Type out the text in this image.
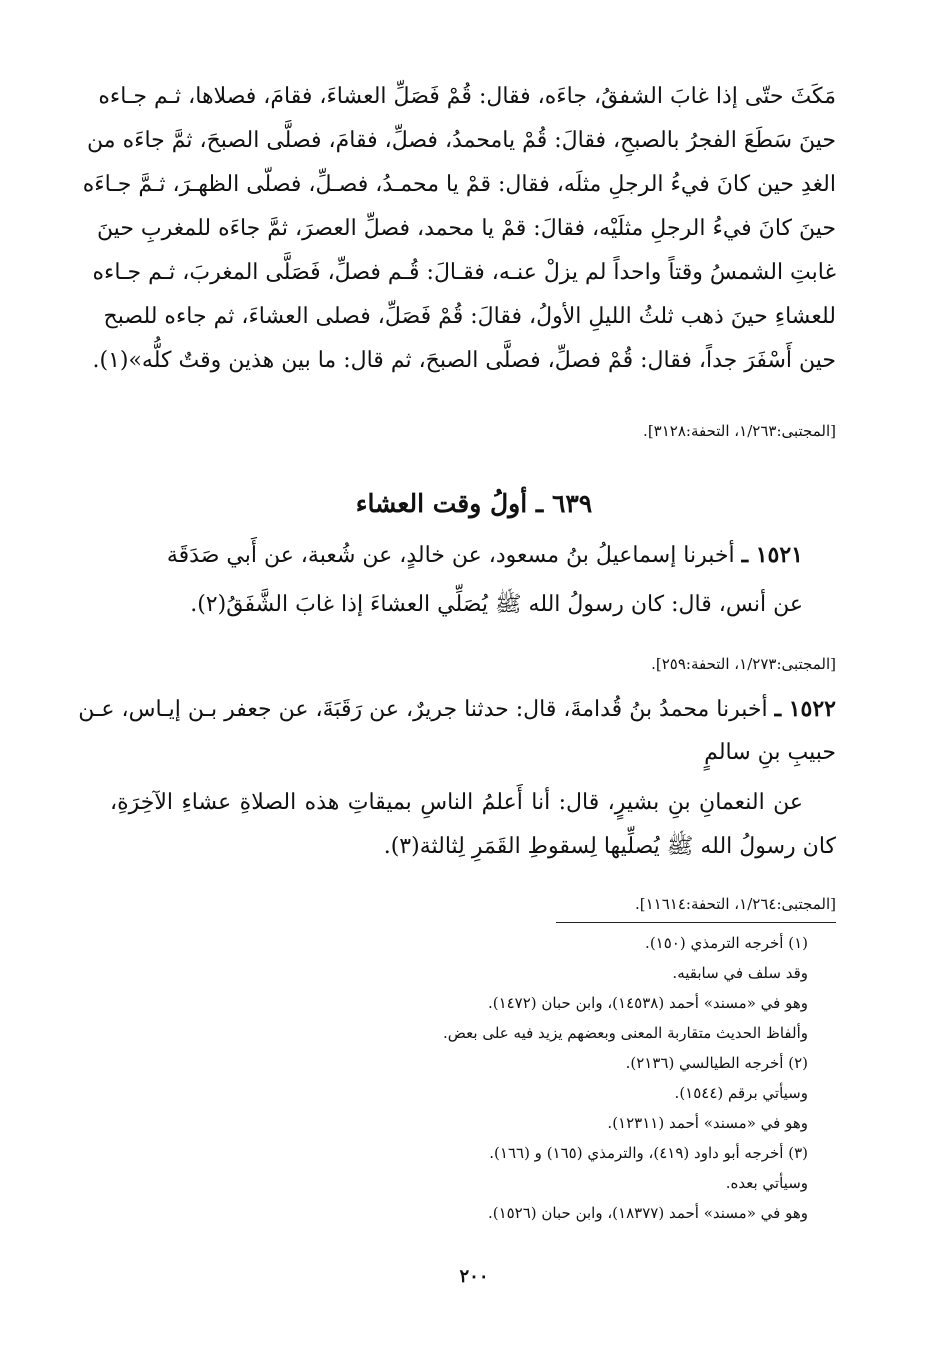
مَكَثَ حتّى إذا غابَ الشفقُ، جاءَه، فقال: قُمْ فَصَلِّ العشاءَ، فقامَ، فصلاها، ثـم جـاءه
حينَ سَطَعَ الفجرُ بالصبحِ، فقالَ: قُمْ يامحمدُ، فصلِّ، فقامَ، فصلَّى الصبحَ، ثمَّ جاءَه من
الغدِ حين كانَ فيءُ الرجلِ مثلَه، فقال: قمْ يا محمـدُ، فصـلِّ، فصلّى الظهـرَ، ثـمَّ جـاءَه
حينَ كانَ فيءُ الرجلِ مثلَيْه، فقالَ: قمْ يا محمد، فصلِّ العصرَ، ثمَّ جاءَه للمغربِ حينَ
غابتِ الشمسُ وقتاً واحداً لم يزلْ عنـه، فقـالَ: قُـم فصلِّ، فَصَلَّى المغربَ، ثـم جـاءه
للعشاءِ حينَ ذهب ثلثُ الليلِ الأولُ، فقالَ: قُمْ فَصَلِّ، فصلى العشاءَ، ثم جاءه للصبح
حين أَسْفَرَ جداً، فقال: قُمْ فصلِّ، فصلَّى الصبحَ، ثم قال: ما بين هذين وقتٌ كلُّه»(١).
[المجتبى:١/٢٦٣، التحفة:٣١٢٨].
٦٣٩ ـ أولُ وقت العشاء
١٥٢١ ـ أخبرنا إسماعيلُ بنُ مسعود، عن خالدٍ، عن شُعبة، عن أَبي صَدَقَة
عن أنس، قال: كان رسولُ الله ﷺ يُصَلِّي العشاءَ إذا غابَ الشَّفَقُ(٢).
[المجتبى:١/٢٧٣، التحفة:٢٥٩].
١٥٢٢ ـ أخبرنا محمدُ بنُ قُدامةَ، قال: حدثنا جريرٌ، عن رَقَبَةَ، عن جعفر بـن إيـاس، عـن
حبيبِ بنِ سالمٍ
عن النعمانِ بنِ بشيرٍ، قال: أنا أَعلمُ الناسِ بميقاتِ هذه الصلاةِ عشاءِ الآخِرَةِ،
كان رسولُ الله ﷺ يُصلِّيها لِسقوطِ القَمَرِ لِثالثة(٣).
[المجتبى:١/٢٦٤، التحفة:١١٦١٤].
(١) أخرجه الترمذي (١٥٠).
وقد سلف في سابقيه.
وهو في «مسند» أحمد (١٤٥٣٨)، وابن حبان (١٤٧٢).
وألفاظ الحديث متقاربة المعنى وبعضهم يزيد فيه على بعض.
(٢) أخرجه الطيالسي (٢١٣٦).
وسيأتي برقم (١٥٤٤).
وهو في «مسند» أحمد (١٢٣١١).
(٣) أخرجه أبو داود (٤١٩)، والترمذي (١٦٥) و (١٦٦).
وسيأتي بعده.
وهو في «مسند» أحمد (١٨٣٧٧)، وابن حبان (١٥٢٦).
٢٠٠
